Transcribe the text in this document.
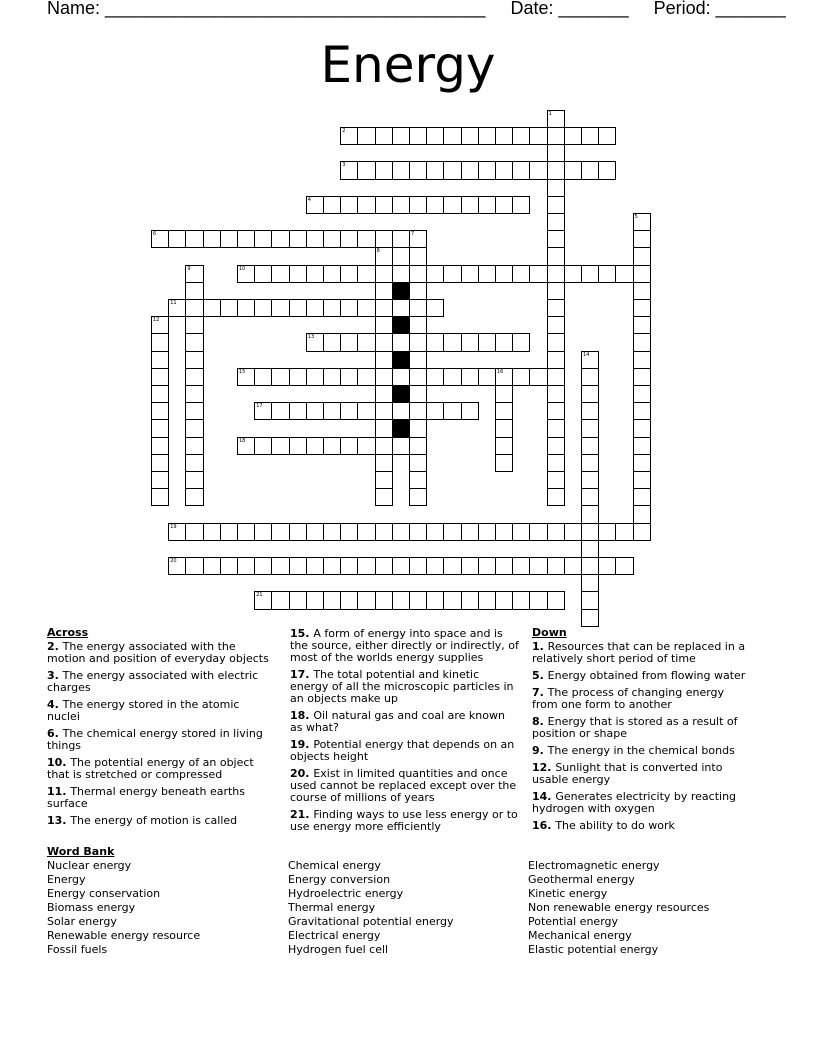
Name: ______________________________________ Date: _______ Period: _______
Energy
2
3
4
6	7
10
11
13
15	16
17
18
19
20
21
1
5
8
9
12
14
Across
2. The energy associated with the motion and position of everyday objects
3. The energy associated with electric charges
4. The energy stored in the atomic nuclei
6. The chemical energy stored in living things
10. The potential energy of an object that is stretched or compressed
11. Thermal energy beneath earths surface
13. The energy of motion is called
15. A form of energy into space and is the source, either directly or indirectly, of most of the worlds energy supplies
17. The total potential and kinetic energy of all the microscopic particles in an objects make up
18. Oil natural gas and coal are known as what?
19. Potential energy that depends on an objects height
20. Exist in limited quantities and once used cannot be replaced except over the course of millions of years
21. Finding ways to use less energy or to use energy more efficiently
Down
1. Resources that can be replaced in a relatively short period of time
5. Energy obtained from flowing water
7. The process of changing energy from one form to another
8. Energy that is stored as a result of position or shape
9. The energy in the chemical bonds
12. Sunlight that is converted into usable energy
14. Generates electricity by reacting hydrogen with oxygen
16. The ability to do work
Word Bank
Nuclear energy
Energy
Energy conservation
Biomass energy
Solar energy
Renewable energy resource
Fossil fuels
Chemical energy
Energy conversion
Hydroelectric energy
Thermal energy
Gravitational potential energy
Electrical energy
Hydrogen fuel cell
Electromagnetic energy
Geothermal energy
Kinetic energy
Non renewable energy resources
Potential energy
Mechanical energy
Elastic potential energy
